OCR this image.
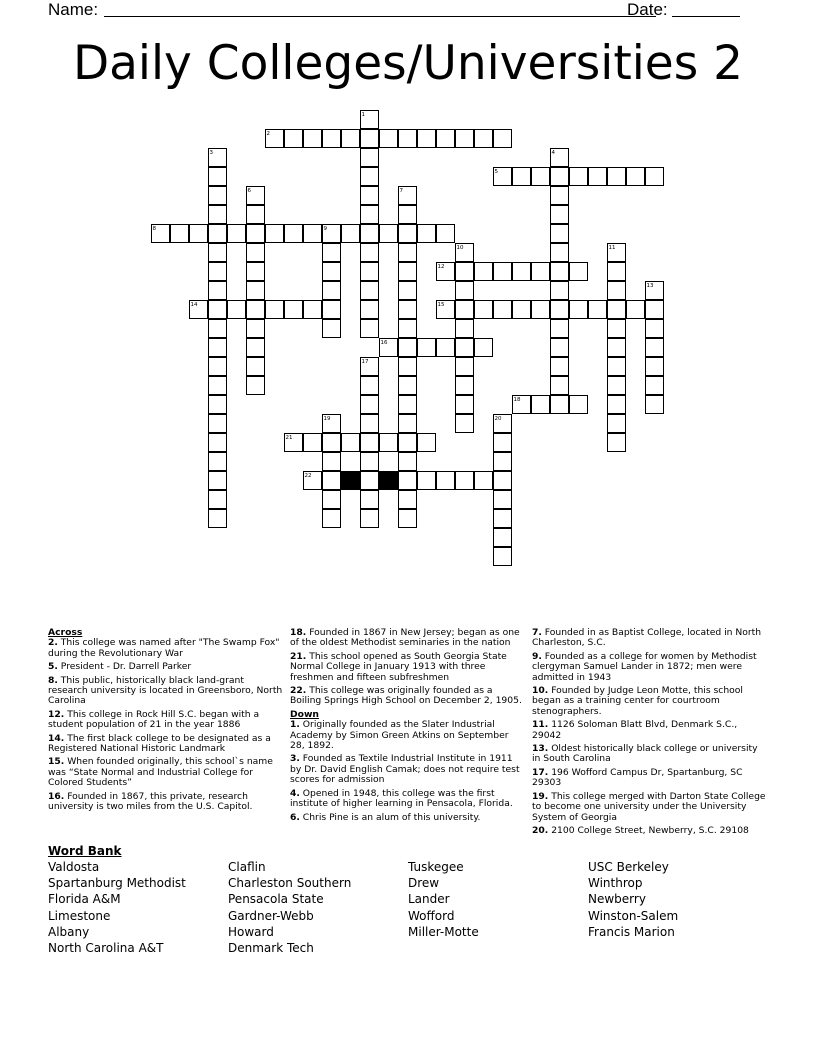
Name:	Date:
Daily Colleges/Universities 2
1
2
3	4
5
6	7
8	9
10	11
12
13
14	15
16
17
18
19	20
21
22
Across
2. This college was named after "The Swamp Fox" during the Revolutionary War
5. President - Dr. Darrell Parker
8. This public, historically black land-grant research university is located in Greensboro, North Carolina
12. This college in Rock Hill S.C. began with a student population of 21 in the year 1886
14. The first black college to be designated as a Registered National Historic Landmark
15. When founded originally, this school`s name was “State Normal and Industrial College for Colored Students”
16. Founded in 1867, this private, research university is two miles from the U.S. Capitol.
18. Founded in 1867 in New Jersey; began as one of the oldest Methodist seminaries in the nation
21. This school opened as South Georgia State Normal College in January 1913 with three freshmen and fifteen subfreshmen
22. This college was originally founded as a Boiling Springs High School on December 2, 1905.
Down
1. Originally founded as the Slater Industrial Academy by Simon Green Atkins on September 28, 1892.
3. Founded as Textile Industrial Institute in 1911 by Dr. David English Camak; does not require test scores for admission
4. Opened in 1948, this college was the first institute of higher learning in Pensacola, Florida.
6. Chris Pine is an alum of this university.
7. Founded in as Baptist College, located in North Charleston, S.C.
9. Founded as a college for women by Methodist clergyman Samuel Lander in 1872; men were admitted in 1943
10. Founded by Judge Leon Motte, this school began as a training center for courtroom stenographers.
11. 1126 Soloman Blatt Blvd, Denmark S.C., 29042
13. Oldest historically black college or university in South Carolina
17. 196 Wofford Campus Dr, Spartanburg, SC 29303
19. This college merged with Darton State College to become one university under the University System of Georgia
20. 2100 College Street, Newberry, S.C. 29108
Word Bank
Valdosta
Spartanburg Methodist
Florida A&M
Limestone
Albany
North Carolina A&T
Claflin
Charleston Southern
Pensacola State
Gardner-Webb
Howard
Denmark Tech
Tuskegee
Drew
Lander
Wofford
Miller-Motte
USC Berkeley
Winthrop
Newberry
Winston-Salem
Francis Marion
